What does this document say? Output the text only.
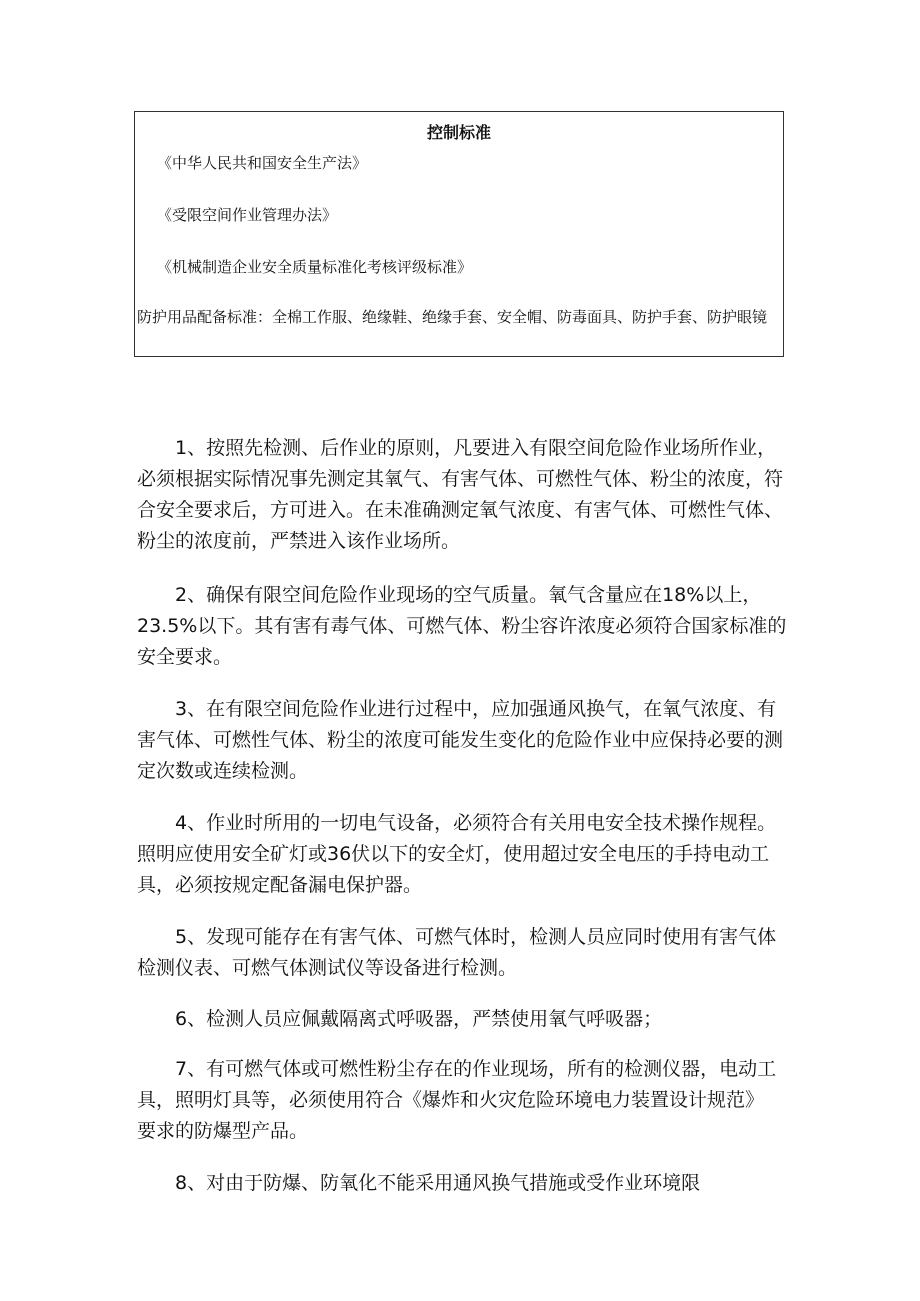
控制标准
《中华人民共和国安全生产法》
《受限空间作业管理办法》
《机械制造企业安全质量标准化考核评级标准》
防护用品配备标准：全棉工作服、绝缘鞋、绝缘手套、安全帽、防毒面具、防护手套、防护眼镜
1、按照先检测、后作业的原则，凡要进入有限空间危险作业场所作业，必须根据实际情况事先测定其氧气、有害气体、可燃性气体、粉尘的浓度，符合安全要求后，方可进入。在未准确测定氧气浓度、有害气体、可燃性气体、粉尘的浓度前，严禁进入该作业场所。
2、确保有限空间危险作业现场的空气质量。氧气含量应在18%以上，23.5%以下。其有害有毒气体、可燃气体、粉尘容许浓度必须符合国家标准的安全要求。
3、在有限空间危险作业进行过程中，应加强通风换气，在氧气浓度、有害气体、可燃性气体、粉尘的浓度可能发生变化的危险作业中应保持必要的测定次数或连续检测。
4、作业时所用的一切电气设备，必须符合有关用电安全技术操作规程。照明应使用安全矿灯或36伏以下的安全灯，使用超过安全电压的手持电动工具，必须按规定配备漏电保护器。
5、发现可能存在有害气体、可燃气体时，检测人员应同时使用有害气体检测仪表、可燃气体测试仪等设备进行检测。
6、检测人员应佩戴隔离式呼吸器，严禁使用氧气呼吸器；
7、有可燃气体或可燃性粉尘存在的作业现场，所有的检测仪器，电动工具，照明灯具等，必须使用符合《爆炸和火灾危险环境电力装置设计规范》要求的防爆型产品。
8、对由于防爆、防氧化不能采用通风换气措施或受作业环境限
